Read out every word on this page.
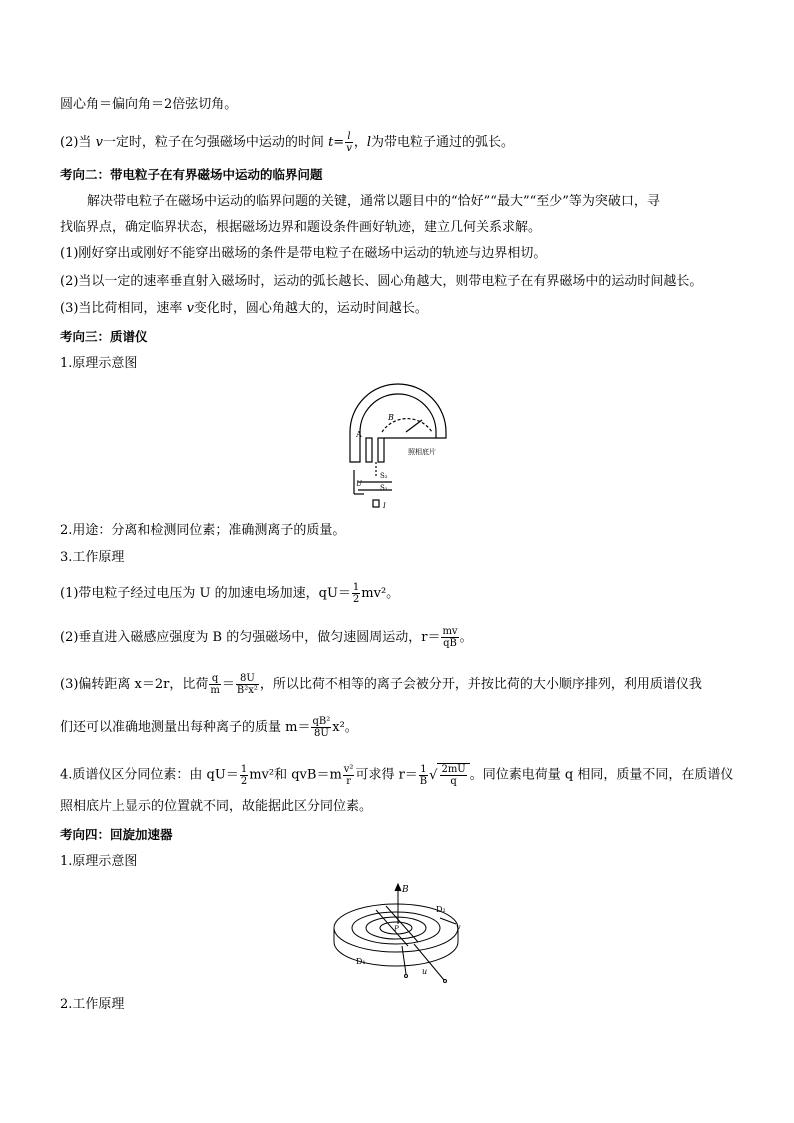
圆心角＝偏向角＝2倍弦切角。
(2)当 v一定时，粒子在匀强磁场中运动的时间 $t= \frac{l}{v}$ ，l为带电粒子通过的弧长。
考向二：带电粒子在有界磁场中运动的临界问题
解决带电粒子在磁场中运动的临界问题的关键，通常以题目中的“恰好”“最大”“至少”等为突破口，寻
找临界点，确定临界状态，根据磁场边界和题设条件画好轨迹，建立几何关系求解。
(1)刚好穿出或刚好不能穿出磁场的条件是带电粒子在磁场中运动的轨迹与边界相切。
(2)当以一定的速率垂直射入磁场时，运动的弧长越长、圆心角越大，则带电粒子在有界磁场中的运动时间越长。
(3)当比荷相同，速率 v变化时，圆心角越大的，运动时间越长。
考向三：质谱仪
1.原理示意图
A
B
照相底片
U
S₂
S₁
I
2.用途：分离和检测同位素；准确测离子的质量。
3.工作原理
(1)带电粒子经过电压为 U 的加速电场加速，$qU= \frac{1}{2} mv^2$。
(2)垂直进入磁感应强度为 B 的匀强磁场中，做匀速圆周运动，$r= \frac{mv}{qB}$ 。
(3)偏转距离 x＝2r，比荷 $\frac{q}{m} = \frac{8U}{\text{B²x²}}$ ，所以比荷不相等的离子会被分开，并按比荷的大小顺序排列，利用质谱仪我
们还可以准确地测量出每种离子的质量 $m= \frac{\text{qB²}}{8U} x^2$。
4.质谱仪区分同位素：由 $qU= \frac{1}{2} mv^2$和 $qvB=m \frac{\text{v²}}{r}$ 可求得 $r= \frac{1}{B}$ √ $\frac{2mU}{q}$ 。同位素电荷量 q 相同，质量不同，在质谱仪
照相底片上显示的位置就不同，故能据此区分同位素。
考向四：回旋加速器
1.原理示意图
B
D₂
v
D₁
u
P
2.工作原理
